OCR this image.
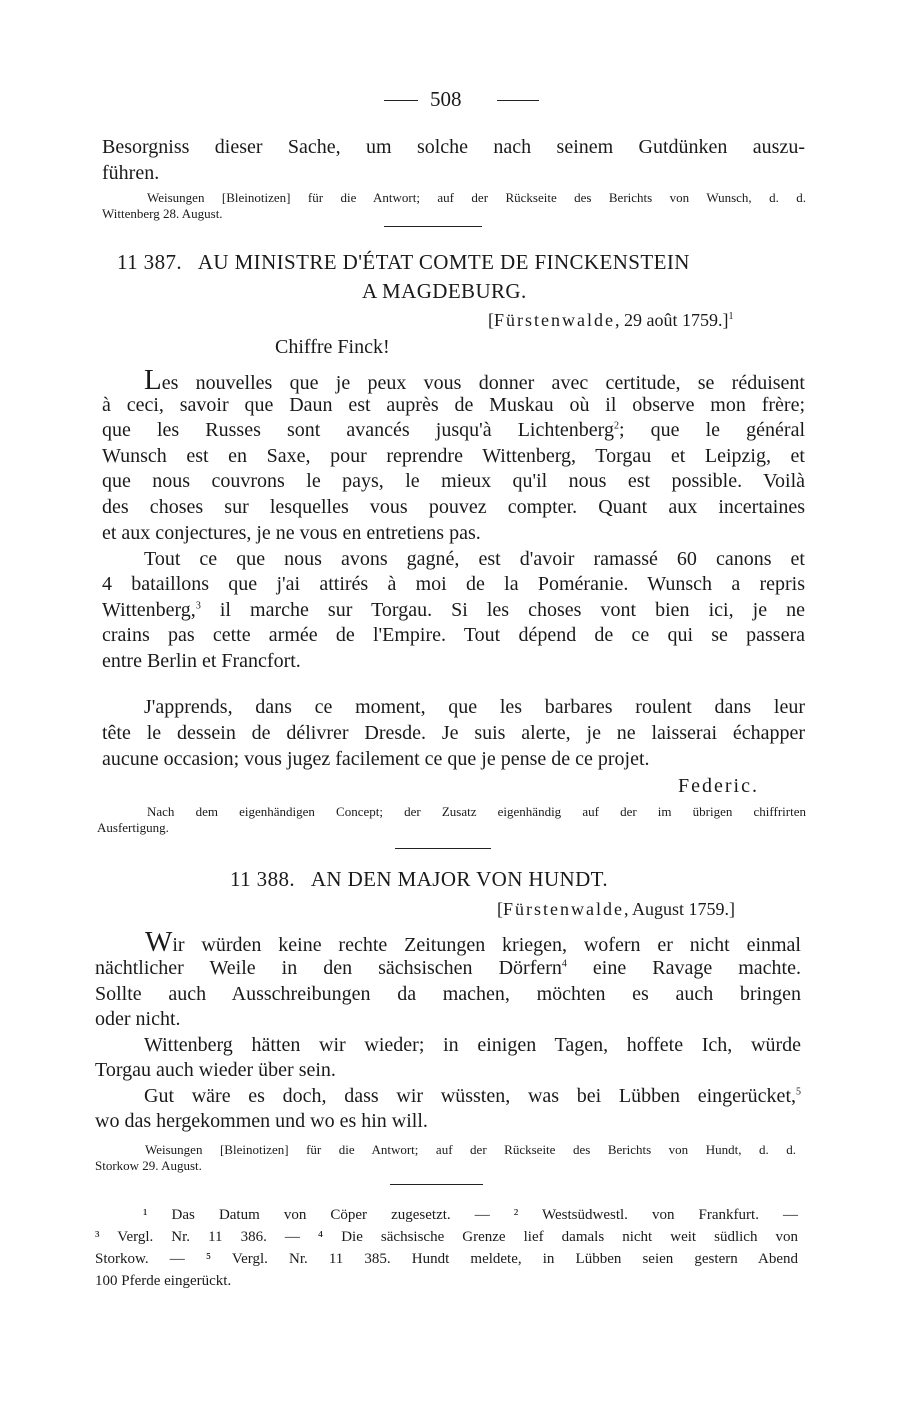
508
Besorgniss dieser Sache, um solche nach seinem Gutdünken auszu-
führen.
Weisungen [Bleinotizen] für die Antwort; auf der Rückseite des Berichts von Wunsch, d. d.
Wittenberg 28. August.
11 387. AU MINISTRE D'ÉTAT COMTE DE FINCKENSTEIN
A MAGDEBURG.
[Fürstenwalde, 29 août 1759.]$^1$
Chiffre Finck!
Les nouvelles que je peux vous donner avec certitude, se réduisent
à ceci, savoir que Daun est auprès de Muskau où il observe mon frère;
que les Russes sont avancés jusqu'à Lichtenberg$^2$; que le général
Wunsch est en Saxe, pour reprendre Wittenberg, Torgau et Leipzig, et
que nous couvrons le pays, le mieux qu'il nous est possible. Voilà
des choses sur lesquelles vous pouvez compter. Quant aux incertaines
et aux conjectures, je ne vous en entretiens pas.
Tout ce que nous avons gagné, est d'avoir ramassé 60 canons et
4 bataillons que j'ai attirés à moi de la Poméranie. Wunsch a repris
Wittenberg,$^3$ il marche sur Torgau. Si les choses vont bien ici, je ne
crains pas cette armée de l'Empire. Tout dépend de ce qui se passera
entre Berlin et Francfort.
J'apprends, dans ce moment, que les barbares roulent dans leur
tête le dessein de délivrer Dresde. Je suis alerte, je ne laisserai échapper
aucune occasion; vous jugez facilement ce que je pense de ce projet.
Federic.
Nach dem eigenhändigen Concept; der Zusatz eigenhändig auf der im übrigen chiffrirten
Ausfertigung.
11 388. AN DEN MAJOR VON HUNDT.
[Fürstenwalde, August 1759.]
Wir würden keine rechte Zeitungen kriegen, wofern er nicht einmal
nächtlicher Weile in den sächsischen Dörfern$^4$ eine Ravage machte.
Sollte auch Ausschreibungen da machen, möchten es auch bringen
oder nicht.
Wittenberg hätten wir wieder; in einigen Tagen, hoffete Ich, würde
Torgau auch wieder über sein.
Gut wäre es doch, dass wir wüssten, was bei Lübben eingerücket,$^5$
wo das hergekommen und wo es hin will.
Weisungen [Bleinotizen] für die Antwort; auf der Rückseite des Berichts von Hundt, d. d.
Storkow 29. August.
¹ Das Datum von Cöper zugesetzt. — ² Westsüdwestl. von Frankfurt. —
³ Vergl. Nr. 11 386. — ⁴ Die sächsische Grenze lief damals nicht weit südlich von
Storkow. — ⁵ Vergl. Nr. 11 385. Hundt meldete, in Lübben seien gestern Abend
100 Pferde eingerückt.
